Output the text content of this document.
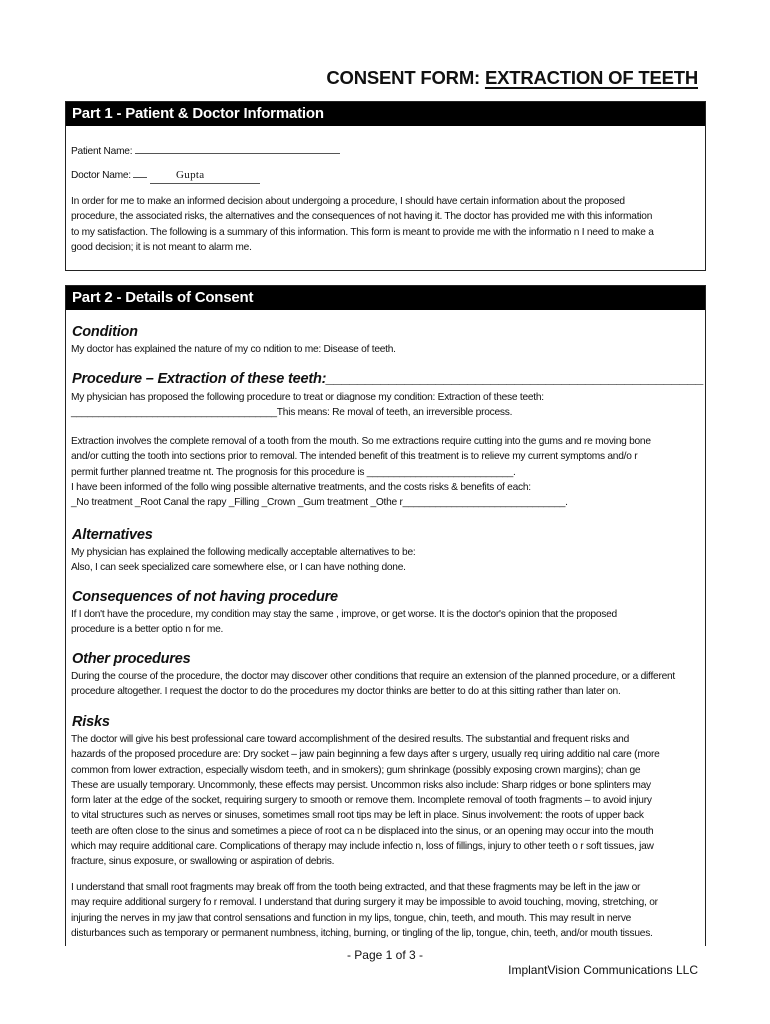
CONSENT FORM: EXTRACTION OF TEETH
Part 1 - Patient & Doctor Information
Patient Name:
Doctor Name:	Gupta
In order for me to make an informed decision about undergoing a procedure, I should have certain information about the proposed
procedure, the associated risks, the alternatives and the consequences of not having it. The doctor has provided me with this information
to my satisfaction. The following is a summary of this information. This form is meant to provide me with the informatio n I need to make a
good decision; it is not meant to alarm me.
Part 2 - Details of Consent
Condition
My doctor has explained the nature of my co ndition to me: Disease of teeth.
Procedure – Extraction of these teeth:________________________________________________
My physician has proposed the following procedure to treat or diagnose my condition: Extraction of these teeth:
______________________________________This means: Re moval of teeth, an irreversible process.
Extraction involves the complete removal of a tooth from the mouth. So me extractions require cutting into the gums and re moving bone
and/or cutting the tooth into sections prior to removal. The intended benefit of this treatment is to relieve my current symptoms and/o r
permit further planned treatme nt. The prognosis for this procedure is ___________________________.
I have been informed of the follo wing possible alternative treatments, and the costs risks & benefits of each:
_No treatment _Root Canal the rapy _Filling _Crown _Gum treatment _Othe r______________________________.
Alternatives
My physician has explained the following medically acceptable alternatives to be:
Also, I can seek specialized care somewhere else, or I can have nothing done.
Consequences of not having procedure
If I don't have the procedure, my condition may stay the same , improve, or get worse. It is the doctor's opinion that the proposed
procedure is a better optio n for me.
Other procedures
During the course of the procedure, the doctor may discover other conditions that require an extension of the planned procedure, or a different
procedure altogether. I request the doctor to do the procedures my doctor thinks are better to do at this sitting rather than later on.
Risks
The doctor will give his best professional care toward accomplishment of the desired results. The substantial and frequent risks and
hazards of the proposed procedure are: Dry socket – jaw pain beginning a few days after s urgery, usually req uiring additio nal care (more
common from lower extraction, especially wisdom teeth, and in smokers); gum shrinkage (possibly exposing crown margins); chan ge
These are usually temporary. Uncommonly, these effects may persist. Uncommon risks also include: Sharp ridges or bone splinters may
form later at the edge of the socket, requiring surgery to smooth or remove them. Incomplete removal of tooth fragments – to avoid injury
to vital structures such as nerves or sinuses, sometimes small root tips may be left in place. Sinus involvement: the roots of upper back
teeth are often close to the sinus and sometimes a piece of root ca n be displaced into the sinus, or an opening may occur into the mouth
which may require additional care. Complications of therapy may include infectio n, loss of fillings, injury to other teeth o r soft tissues, jaw
fracture, sinus exposure, or swallowing or aspiration of debris.
I understand that small root fragments may break off from the tooth being extracted, and that these fragments may be left in the jaw or
may require additional surgery fo r removal. I understand that during surgery it may be impossible to avoid touching, moving, stretching, or
injuring the nerves in my jaw that control sensations and function in my lips, tongue, chin, teeth, and mouth. This may result in nerve
disturbances such as temporary or permanent numbness, itching, burning, or tingling of the lip, tongue, chin, teeth, and/or mouth tissues.
- Page 1 of 3 -
ImplantVision Communications LLC
